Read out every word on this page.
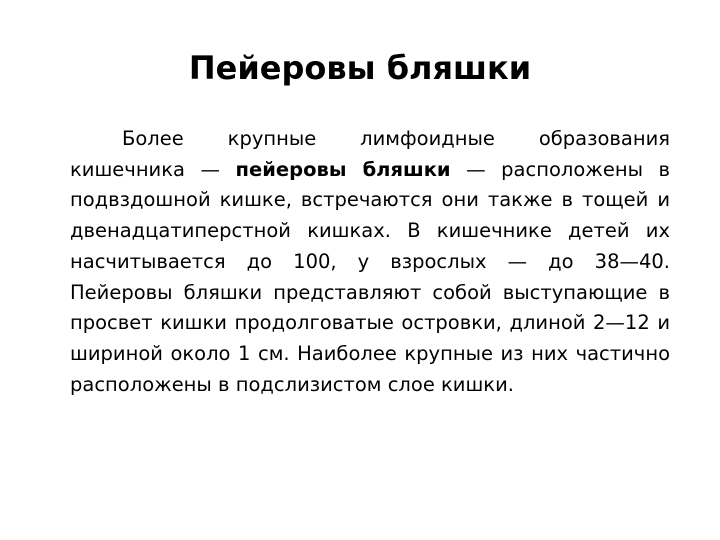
Пейеровы бляшки

Более крупные лимфоидные образования кишечника — пейеровы бляшки — расположены в подвздошной кишке, встречаются они также в тощей и двенадцатиперстной кишках. В кишечнике детей их насчитывается до 100, у взрослых — до 38—40. Пейеровы бляшки представляют собой выступающие в просвет кишки продолговатые островки, длиной 2—12 и шириной около 1 см. Наиболее крупные из них частично расположены в подслизистом слое кишки.
